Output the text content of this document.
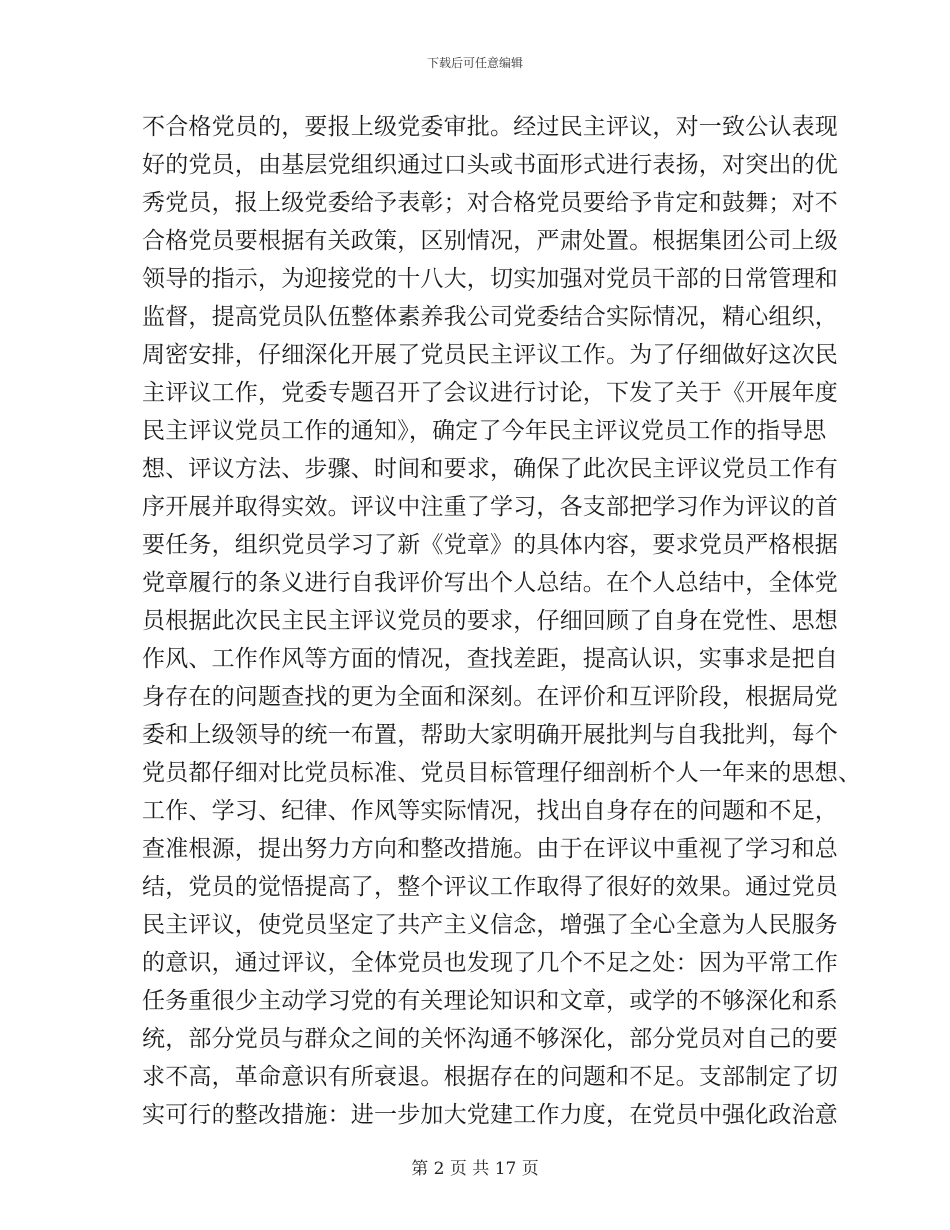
下载后可任意编辑
不合格党员的，要报上级党委审批。经过民主评议，对一致公认表现
好的党员，由基层党组织通过口头或书面形式进行表扬，对突出的优
秀党员，报上级党委给予表彰；对合格党员要给予肯定和鼓舞；对不
合格党员要根据有关政策，区别情况，严肃处置。根据集团公司上级
领导的指示，为迎接党的十八大，切实加强对党员干部的日常管理和
监督，提高党员队伍整体素养我公司党委结合实际情况，精心组织，
周密安排，仔细深化开展了党员民主评议工作。为了仔细做好这次民
主评议工作，党委专题召开了会议进行讨论，下发了关于《开展年度
民主评议党员工作的通知》，确定了今年民主评议党员工作的指导思
想、评议方法、步骤、时间和要求，确保了此次民主评议党员工作有
序开展并取得实效。评议中注重了学习，各支部把学习作为评议的首
要任务，组织党员学习了新《党章》的具体内容，要求党员严格根据
党章履行的条义进行自我评价写出个人总结。在个人总结中，全体党
员根据此次民主民主评议党员的要求，仔细回顾了自身在党性、思想
作风、工作作风等方面的情况，查找差距，提高认识，实事求是把自
身存在的问题查找的更为全面和深刻。在评价和互评阶段，根据局党
委和上级领导的统一布置，帮助大家明确开展批判与自我批判，每个
党员都仔细对比党员标准、党员目标管理仔细剖析个人一年来的思想、
工作、学习、纪律、作风等实际情况，找出自身存在的问题和不足，
查准根源，提出努力方向和整改措施。由于在评议中重视了学习和总
结，党员的觉悟提高了，整个评议工作取得了很好的效果。通过党员
民主评议，使党员坚定了共产主义信念，增强了全心全意为人民服务
的意识，通过评议，全体党员也发现了几个不足之处：因为平常工作
任务重很少主动学习党的有关理论知识和文章，或学的不够深化和系
统，部分党员与群众之间的关怀沟通不够深化，部分党员对自己的要
求不高，革命意识有所衰退。根据存在的问题和不足。支部制定了切
实可行的整改措施：进一步加大党建工作力度，在党员中强化政治意
第 2 页 共 17 页
